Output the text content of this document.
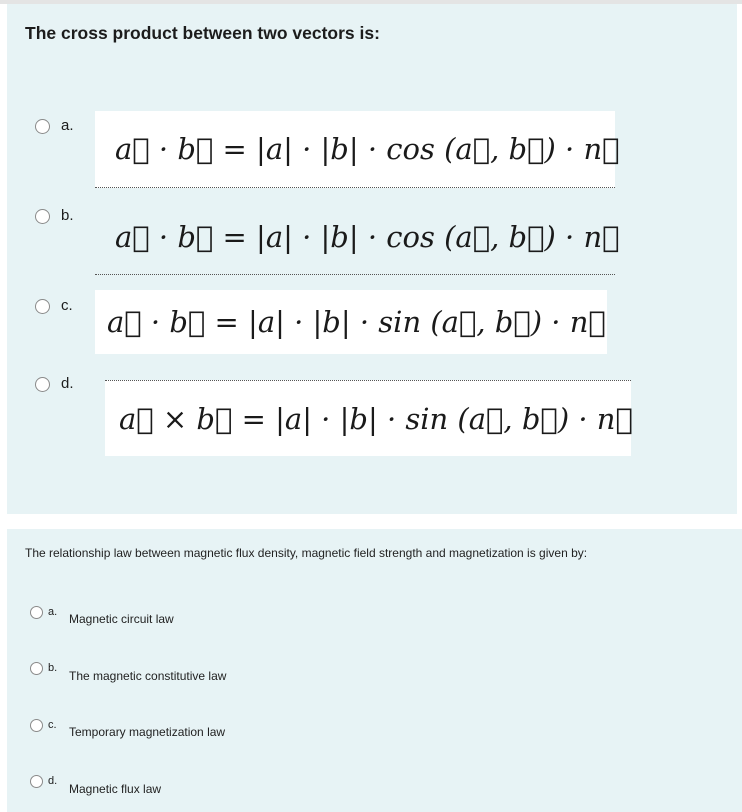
The cross product between two vectors is:
a.
a⃗ · b⃗ = |a| · |b| · cos (a⃗, b⃗) · n⃗
b.
a⃗ · b⃗ = |a| · |b| · cos (a⃗, b⃗) · n⃗
c.	a⃗ · b⃗ = |a| · |b| · sin (a⃗, b⃗) · n⃗
d.
a⃗ × b⃗ = |a| · |b| · sin (a⃗, b⃗) · n⃗
The relationship law between magnetic flux density, magnetic field strength and magnetization is given by:
a. Magnetic circuit law
b.
The magnetic constitutive law
c. Temporary magnetization law
d.
Magnetic flux law
